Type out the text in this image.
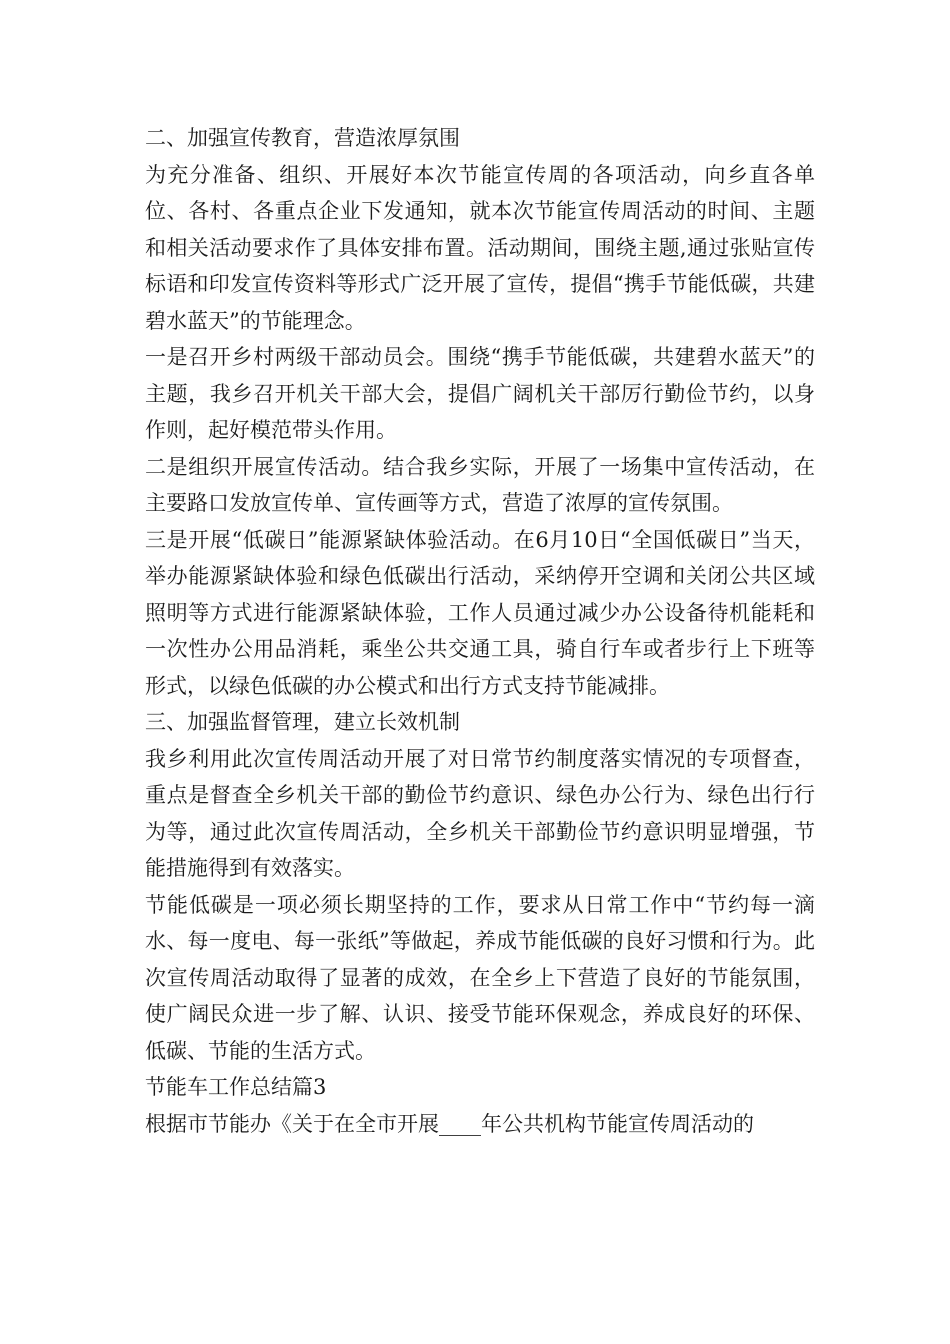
二、加强宣传教育，营造浓厚氛围

为充分准备、组织、开展好本次节能宣传周的各项活动，向乡直各单位、各村、各重点企业下发通知，就本次节能宣传周活动的时间、主题和相关活动要求作了具体安排布置。活动期间，围绕主题,通过张贴宣传标语和印发宣传资料等形式广泛开展了宣传，提倡“携手节能低碳，共建碧水蓝天”的节能理念。

一是召开乡村两级干部动员会。围绕“携手节能低碳，共建碧水蓝天”的主题，我乡召开机关干部大会，提倡广阔机关干部厉行勤俭节约，以身作则，起好模范带头作用。

二是组织开展宣传活动。结合我乡实际，开展了一场集中宣传活动，在主要路口发放宣传单、宣传画等方式，营造了浓厚的宣传氛围。

三是开展“低碳日”能源紧缺体验活动。在6月10日“全国低碳日”当天，举办能源紧缺体验和绿色低碳出行活动，采纳停开空调和关闭公共区域照明等方式进行能源紧缺体验，工作人员通过减少办公设备待机能耗和一次性办公用品消耗，乘坐公共交通工具，骑自行车或者步行上下班等形式，以绿色低碳的办公模式和出行方式支持节能减排。

三、加强监督管理，建立长效机制

我乡利用此次宣传周活动开展了对日常节约制度落实情况的专项督查，重点是督查全乡机关干部的勤俭节约意识、绿色办公行为、绿色出行行为等，通过此次宣传周活动，全乡机关干部勤俭节约意识明显增强，节能措施得到有效落实。

节能低碳是一项必须长期坚持的工作，要求从日常工作中“节约每一滴水、每一度电、每一张纸”等做起，养成节能低碳的良好习惯和行为。此次宣传周活动取得了显著的成效，在全乡上下营造了良好的节能氛围，使广阔民众进一步了解、认识、接受节能环保观念，养成良好的环保、低碳、节能的生活方式。

节能车工作总结篇3

根据市节能办《关于在全市开展____年公共机构节能宣传周活动的
